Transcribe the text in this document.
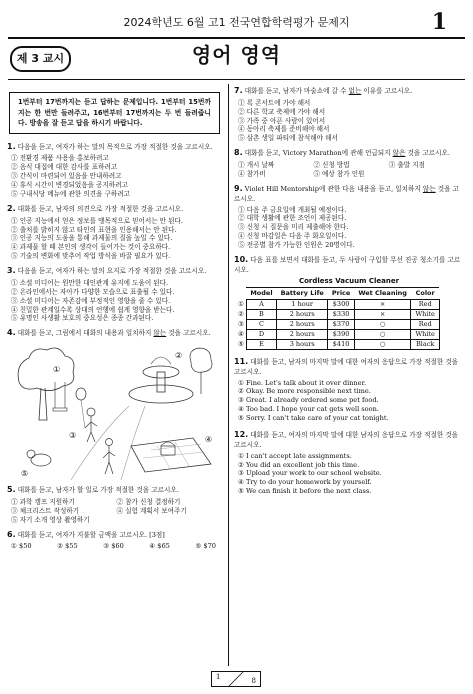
2024학년도 6월 고1 전국연합학력평가 문제지	1
제 3 교시	영어 영역
1번부터 17번까지는 듣고 답하는 문제입니다. 1번부터 15번까지는 한 번만 들려주고, 16번부터 17번까지는 두 번 들려줍니다. 방송을 잘 듣고 답을 하시기 바랍니다.
1. 다음을 듣고, 여자가 하는 말의 목적으로 가장 적절한 것을 고르시오.
① 전환경 제품 사용을 홍보하려고
② 음식 대접에 대한 감사를 표하려고
③ 간식이 마련되어 있음을 안내하려고
④ 휴식 시간이 변경되었음을 공지하려고
⑤ 구내식당 메뉴에 관한 의견을 구하려고
2. 대화를 듣고, 남자의 의견으로 가장 적절한 것을 고르시오.
① 인공 지능에서 얻은 정보를 맹목적으로 믿어서는 안 된다.
② 출처를 밝히지 않고 타인의 표현을 인용해서는 안 된다.
③ 인공 지능의 도움을 통해 과제물의 질을 높일 수 있다.
④ 과제물 할 때 본인의 생각이 들어가는 것이 중요하다.
⑤ 기술의 변화에 맞추어 작업 방식을 바꿀 필요가 있다.
3. 다음을 듣고, 여자가 하는 말의 요지로 가장 적절한 것을 고르시오.
① 소셜 미디어는 원만한 대인관계 유지에 도움이 된다.
② 온라인에서는 자아가 다양한 모습으로 표출될 수 있다.
③ 소셜 미디어는 자존감에 부정적인 영향을 줄 수 있다.
④ 친밀한 관계일수록 상대의 언행에 쉽게 영향을 받는다.
⑤ 유명인 사생활 보호의 중요성은 종종 간과된다.
4. 대화를 듣고, 그림에서 대화의 내용과 일치하지 않는 것을 고르시오.
①
②
③	④
⑤
5. 대화를 듣고, 남자가 할 일로 가장 적절한 것을 고르시오.
① 과학 캠프 지원하기	② 참가 신청 결정하기
③ 체크리스트 작성하기	④ 실험 계획서 보여주기
⑤ 자기 소개 영상 촬영하기
6. 대화를 듣고, 여자가 지불할 금액을 고르시오. [3점]
① $50	② $55	③ $60	④ $65	⑤ $70
7. 대화를 듣고, 남자가 마술쇼에 갈 수 없는 이유를 고르시오.
① 록 콘서트에 가야 해서
② 다른 학교 축제에 가야 해서
③ 가족 중 아픈 사람이 있어서
④ 동아리 축제를 준비해야 해서
⑤ 삼촌 생일 파티에 참석해야 해서
8. 대화를 듣고, Victory Marathon에 관해 언급되지 않은 것을 고르시오.
① 개시 날짜	② 신청 방법	③ 출발 지점
④ 참가비	⑤ 예상 참가 인원
9. Violet Hill Mentorship에 관한 다음 내용을 듣고, 일치하지 않는 것을 고르시오.
① 다음 주 금요일에 개최될 예정이다.
② 대학 생활에 관한 조언이 제공된다.
③ 신청 시 질문을 미리 제출해야 한다.
④ 신청 마감일은 다음 주 화요일이다.
⑤ 전공별 참가 가능한 인원은 20명이다.
10. 다음 표를 보면서 대화를 듣고, 두 사람이 구입할 무선 진공 청소기를 고르시오.
Cordless Vacuum Cleaner
	Model	Battery Life	Price	Wet Cleaning	Color
①	A	1 hour	$300	×	Red
②	B	2 hours	$330	×	White
③	C	2 hours	$370	○	Red
④	D	2 hours	$390	○	White
⑤	E	3 hours	$410	○	Black
11. 대화를 듣고, 남자의 마지막 말에 대한 여자의 응답으로 가장 적절한 것을 고르시오.
① Fine. Let's talk about it over dinner.
② Okay. Be more responsible next time.
③ Great. I already ordered some pet food.
④ Too bad. I hope your cat gets well soon.
⑤ Sorry. I can't take care of your cat tonight.
12. 대화를 듣고, 여자의 마지막 말에 대한 남자의 응답으로 가장 적절한 것을 고르시오.
① I can't accept late assignments.
② You did an excellent job this time.
③ Upload your work to our school website.
④ Try to do your homework by yourself.
⑤ We can finish it before the next class.
1	8
